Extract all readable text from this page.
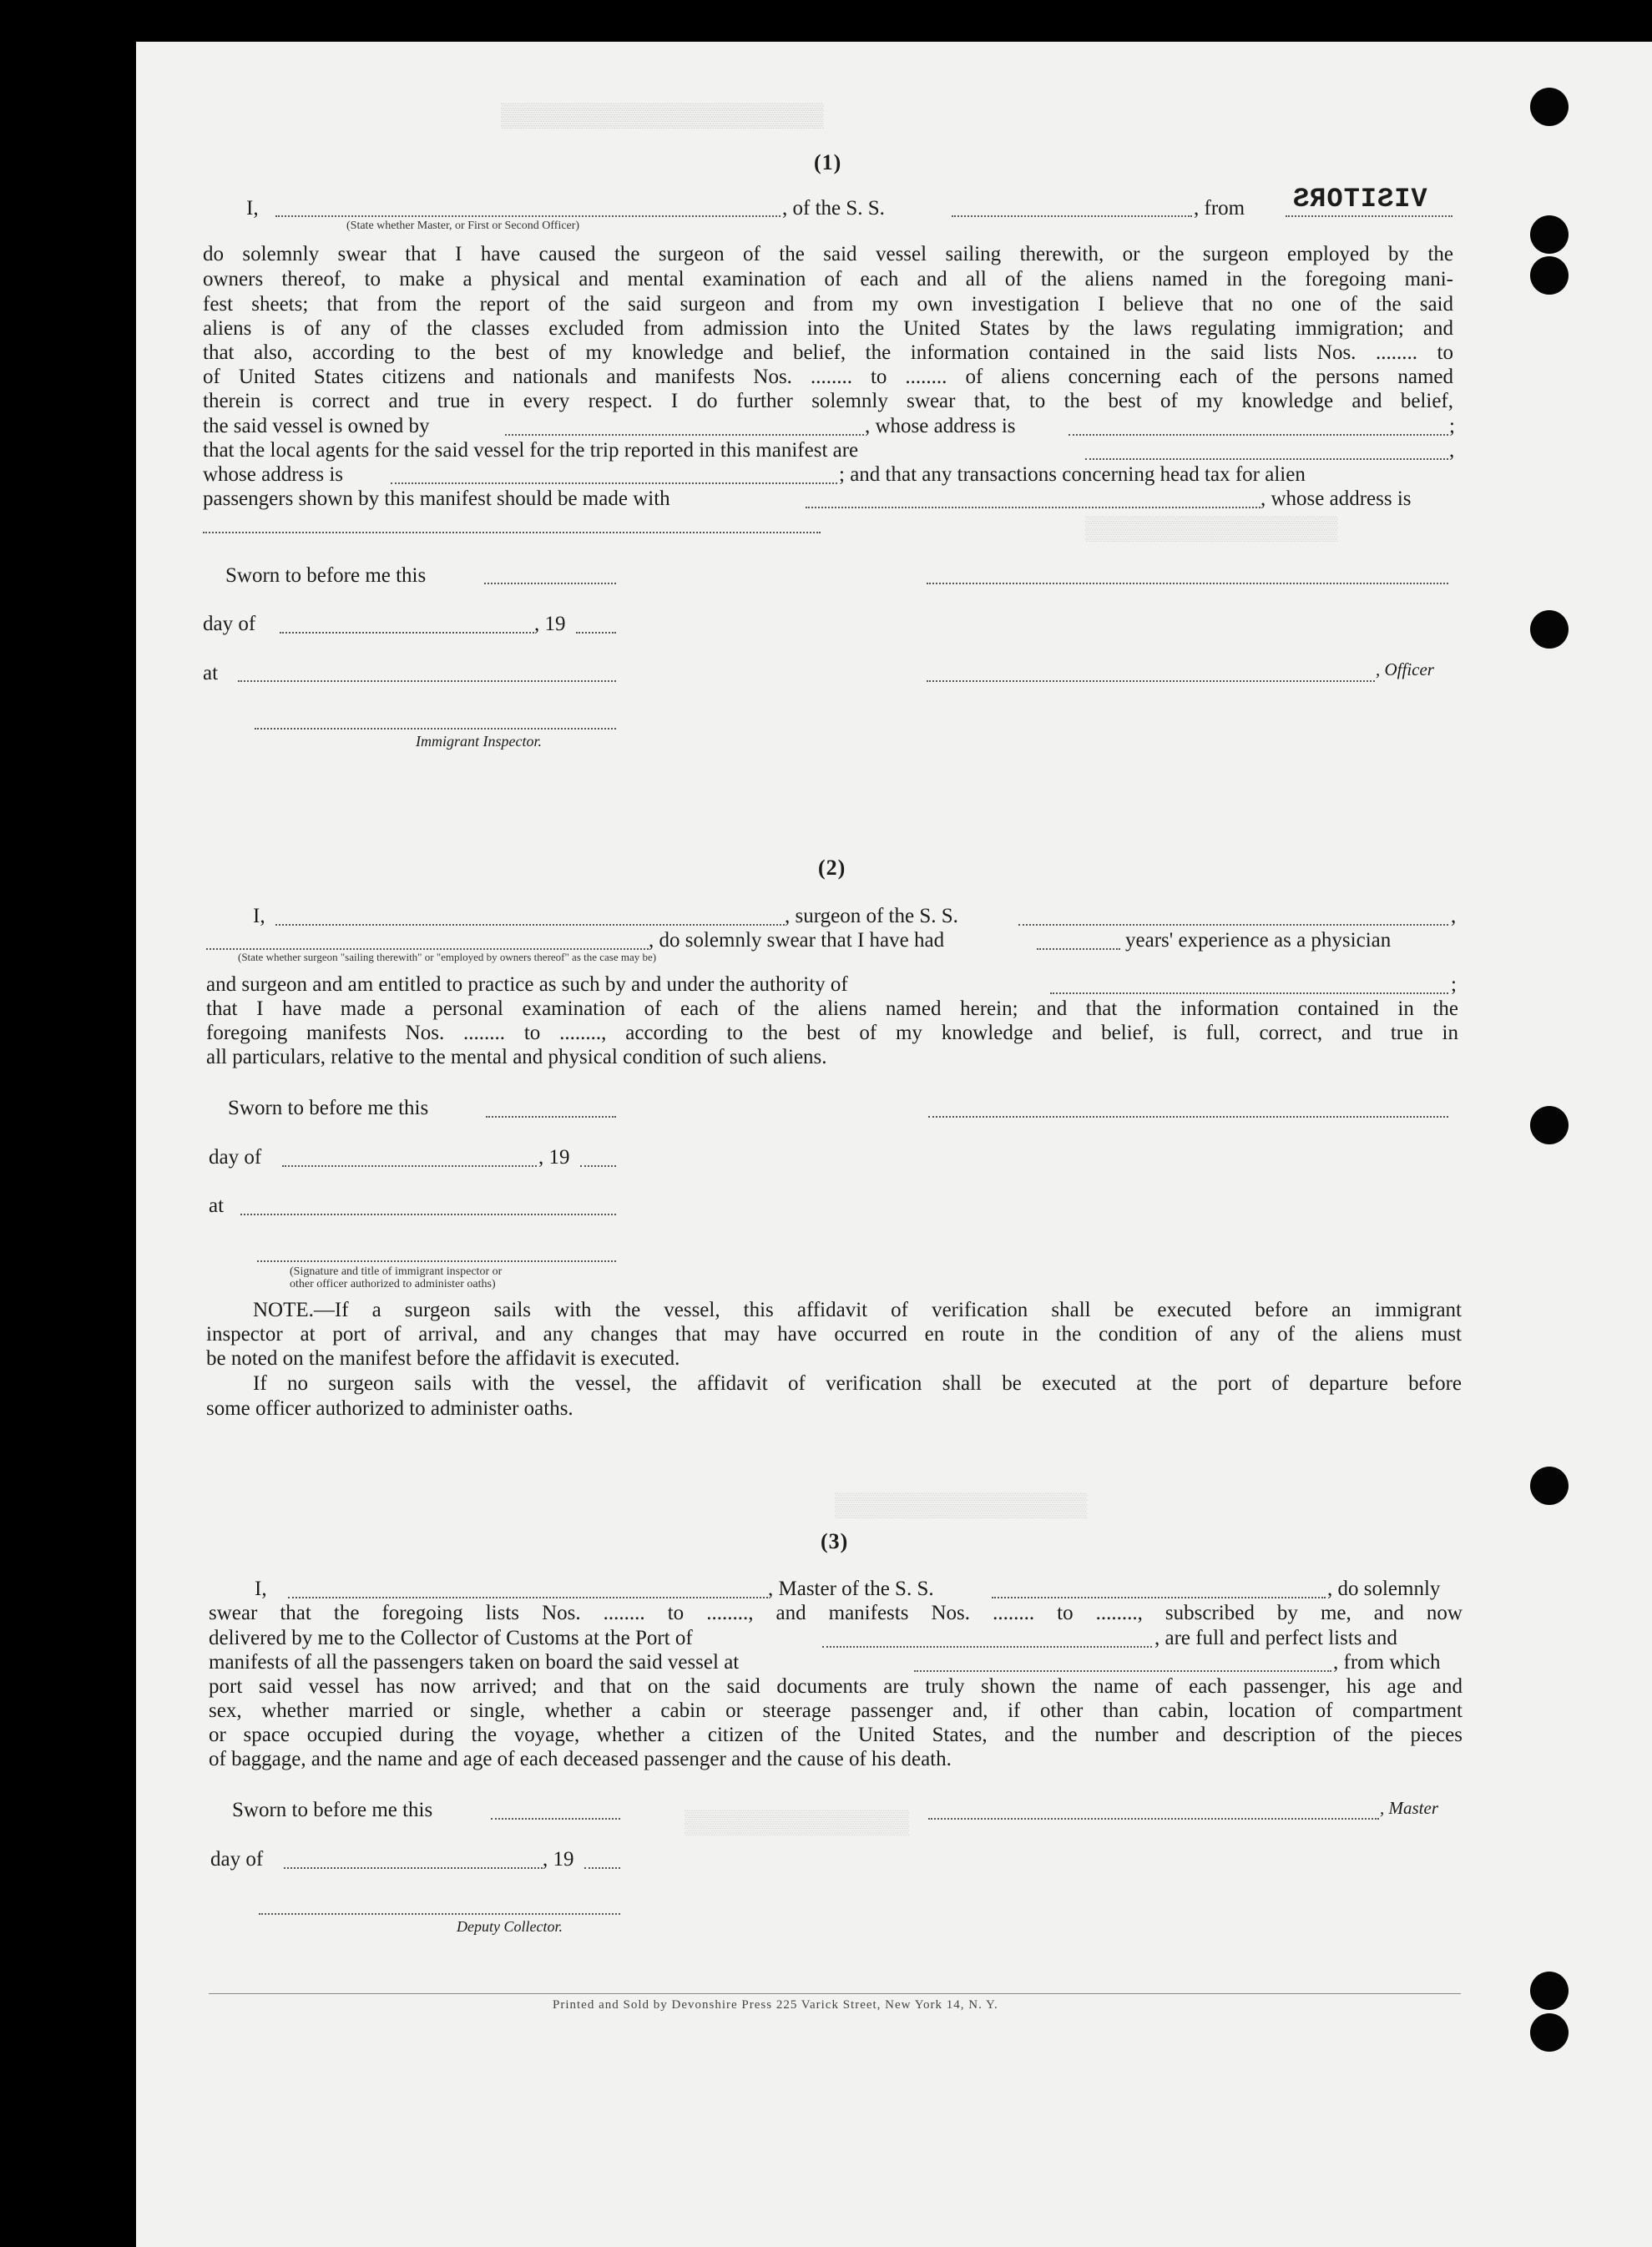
▒▒▒▒▒▒▒▒▒▒▒▒▒▒▒▒▒▒▒▒▒▒▒
▒▒▒▒▒▒▒▒▒▒▒▒▒▒▒▒▒▒
▒▒▒▒▒▒▒▒▒▒▒▒▒▒▒▒▒▒
▒▒▒▒▒▒▒▒▒▒▒▒▒▒▒▒
(1)
I,
(State whether Master, or First or Second Officer)
, of the S. S.	, from VISITORS
do solemnly swear that I have caused the surgeon of the said vessel sailing therewith, or the surgeon employed by the
owners thereof, to make a physical and mental examination of each and all of the aliens named in the foregoing mani-
fest sheets; that from the report of the said surgeon and from my own investigation I believe that no one of the said
aliens is of any of the classes excluded from admission into the United States by the laws regulating immigration; and
that also, according to the best of my knowledge and belief, the information contained in the said lists Nos. ........ to
of United States citizens and nationals and manifests Nos. ........ to ........ of aliens concerning each of the persons named
therein is correct and true in every respect. I do further solemnly swear that, to the best of my knowledge and belief,
the said vessel is owned by	, whose address is	;
that the local agents for the said vessel for the trip reported in this manifest are	,
whose address is	; and that any transactions concerning head tax for alien
passengers shown by this manifest should be made with	, whose address is
Sworn to before me this
day of	, 19
at	, Officer
Immigrant Inspector.
(2)
I,	, surgeon of the S. S.	,
, do solemnly swear that I have had	years' experience as a physician
(State whether surgeon "sailing therewith" or "employed by owners thereof" as the case may be)
and surgeon and am entitled to practice as such by and under the authority of	;
that I have made a personal examination of each of the aliens named herein; and that the information contained in the
foregoing manifests Nos. ........ to ........, according to the best of my knowledge and belief, is full, correct, and true in
all particulars, relative to the mental and physical condition of such aliens.
Sworn to before me this
day of	, 19
at
(Signature and title of immigrant inspector or
other officer authorized to administer oaths)
NOTE.—If a surgeon sails with the vessel, this affidavit of verification shall be executed before an immigrant
inspector at port of arrival, and any changes that may have occurred en route in the condition of any of the aliens must
be noted on the manifest before the affidavit is executed.
If no surgeon sails with the vessel, the affidavit of verification shall be executed at the port of departure before
some officer authorized to administer oaths.
(3)
I,	, Master of the S. S.	, do solemnly
swear that the foregoing lists Nos. ........ to ........, and manifests Nos. ........ to ........, subscribed by me, and now
delivered by me to the Collector of Customs at the Port of	, are full and perfect lists and
manifests of all the passengers taken on board the said vessel at	, from which
port said vessel has now arrived; and that on the said documents are truly shown the name of each passenger, his age and
sex, whether married or single, whether a cabin or steerage passenger and, if other than cabin, location of compartment
or space occupied during the voyage, whether a citizen of the United States, and the number and description of the pieces
of baggage, and the name and age of each deceased passenger and the cause of his death.
Sworn to before me this	, Master
day of	, 19
Deputy Collector.
Printed and Sold by Devonshire Press 225 Varick Street, New York 14, N. Y.
